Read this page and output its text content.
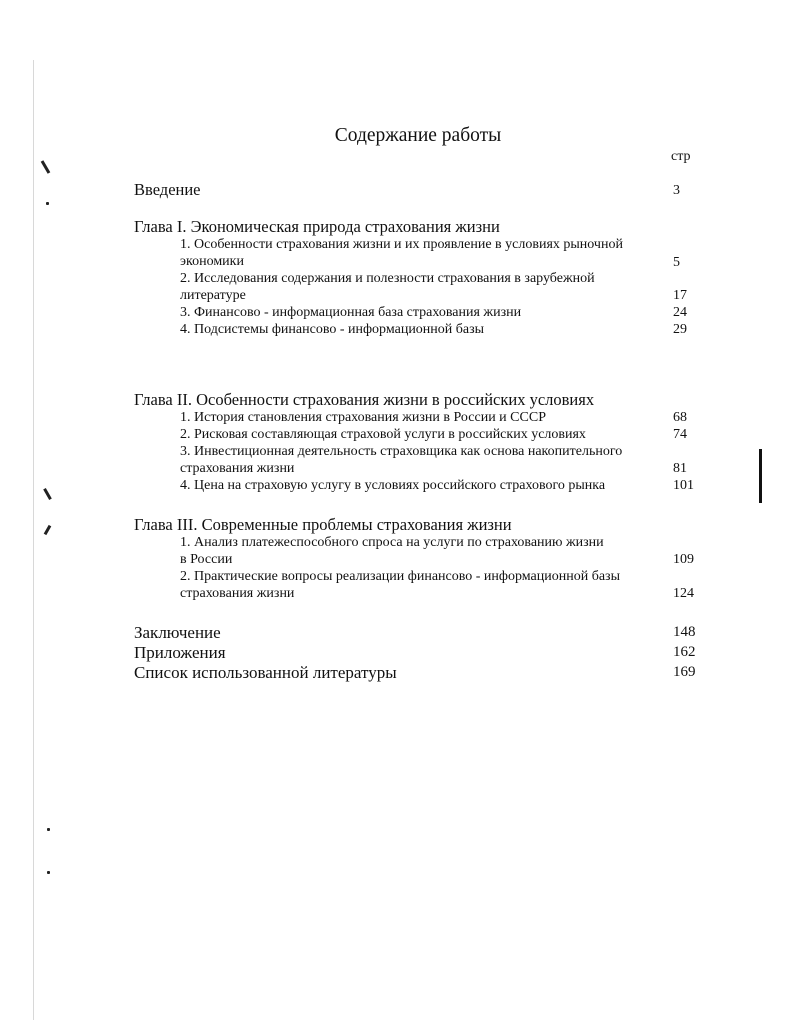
Содержание работы
стр
Введение	3
Глава I. Экономическая природа страхования жизни
1. Особенности страхования жизни и их проявление в условиях рыночной
экономики	5
2. Исследования содержания и полезности страхования в зарубежной
литературе	17
3. Финансово - информационная база страхования жизни	24
4. Подсистемы финансово - информационной базы	29
Глава II. Особенности страхования жизни в российских условиях
1. История становления страхования жизни в России и СССР	68
2. Рисковая составляющая страховой услуги в российских условиях	74
3. Инвестиционная деятельность страховщика как основа накопительного
страхования жизни	81
4. Цена на страховую услугу в условиях российского страхового рынка	101
Глава III. Современные проблемы страхования жизни
1. Анализ платежеспособного спроса на услуги по страхованию жизни
в России	109
2. Практические вопросы реализации финансово - информационной базы
страхования жизни	124
Заключение	148
Приложения	162
Список использованной литературы	169
